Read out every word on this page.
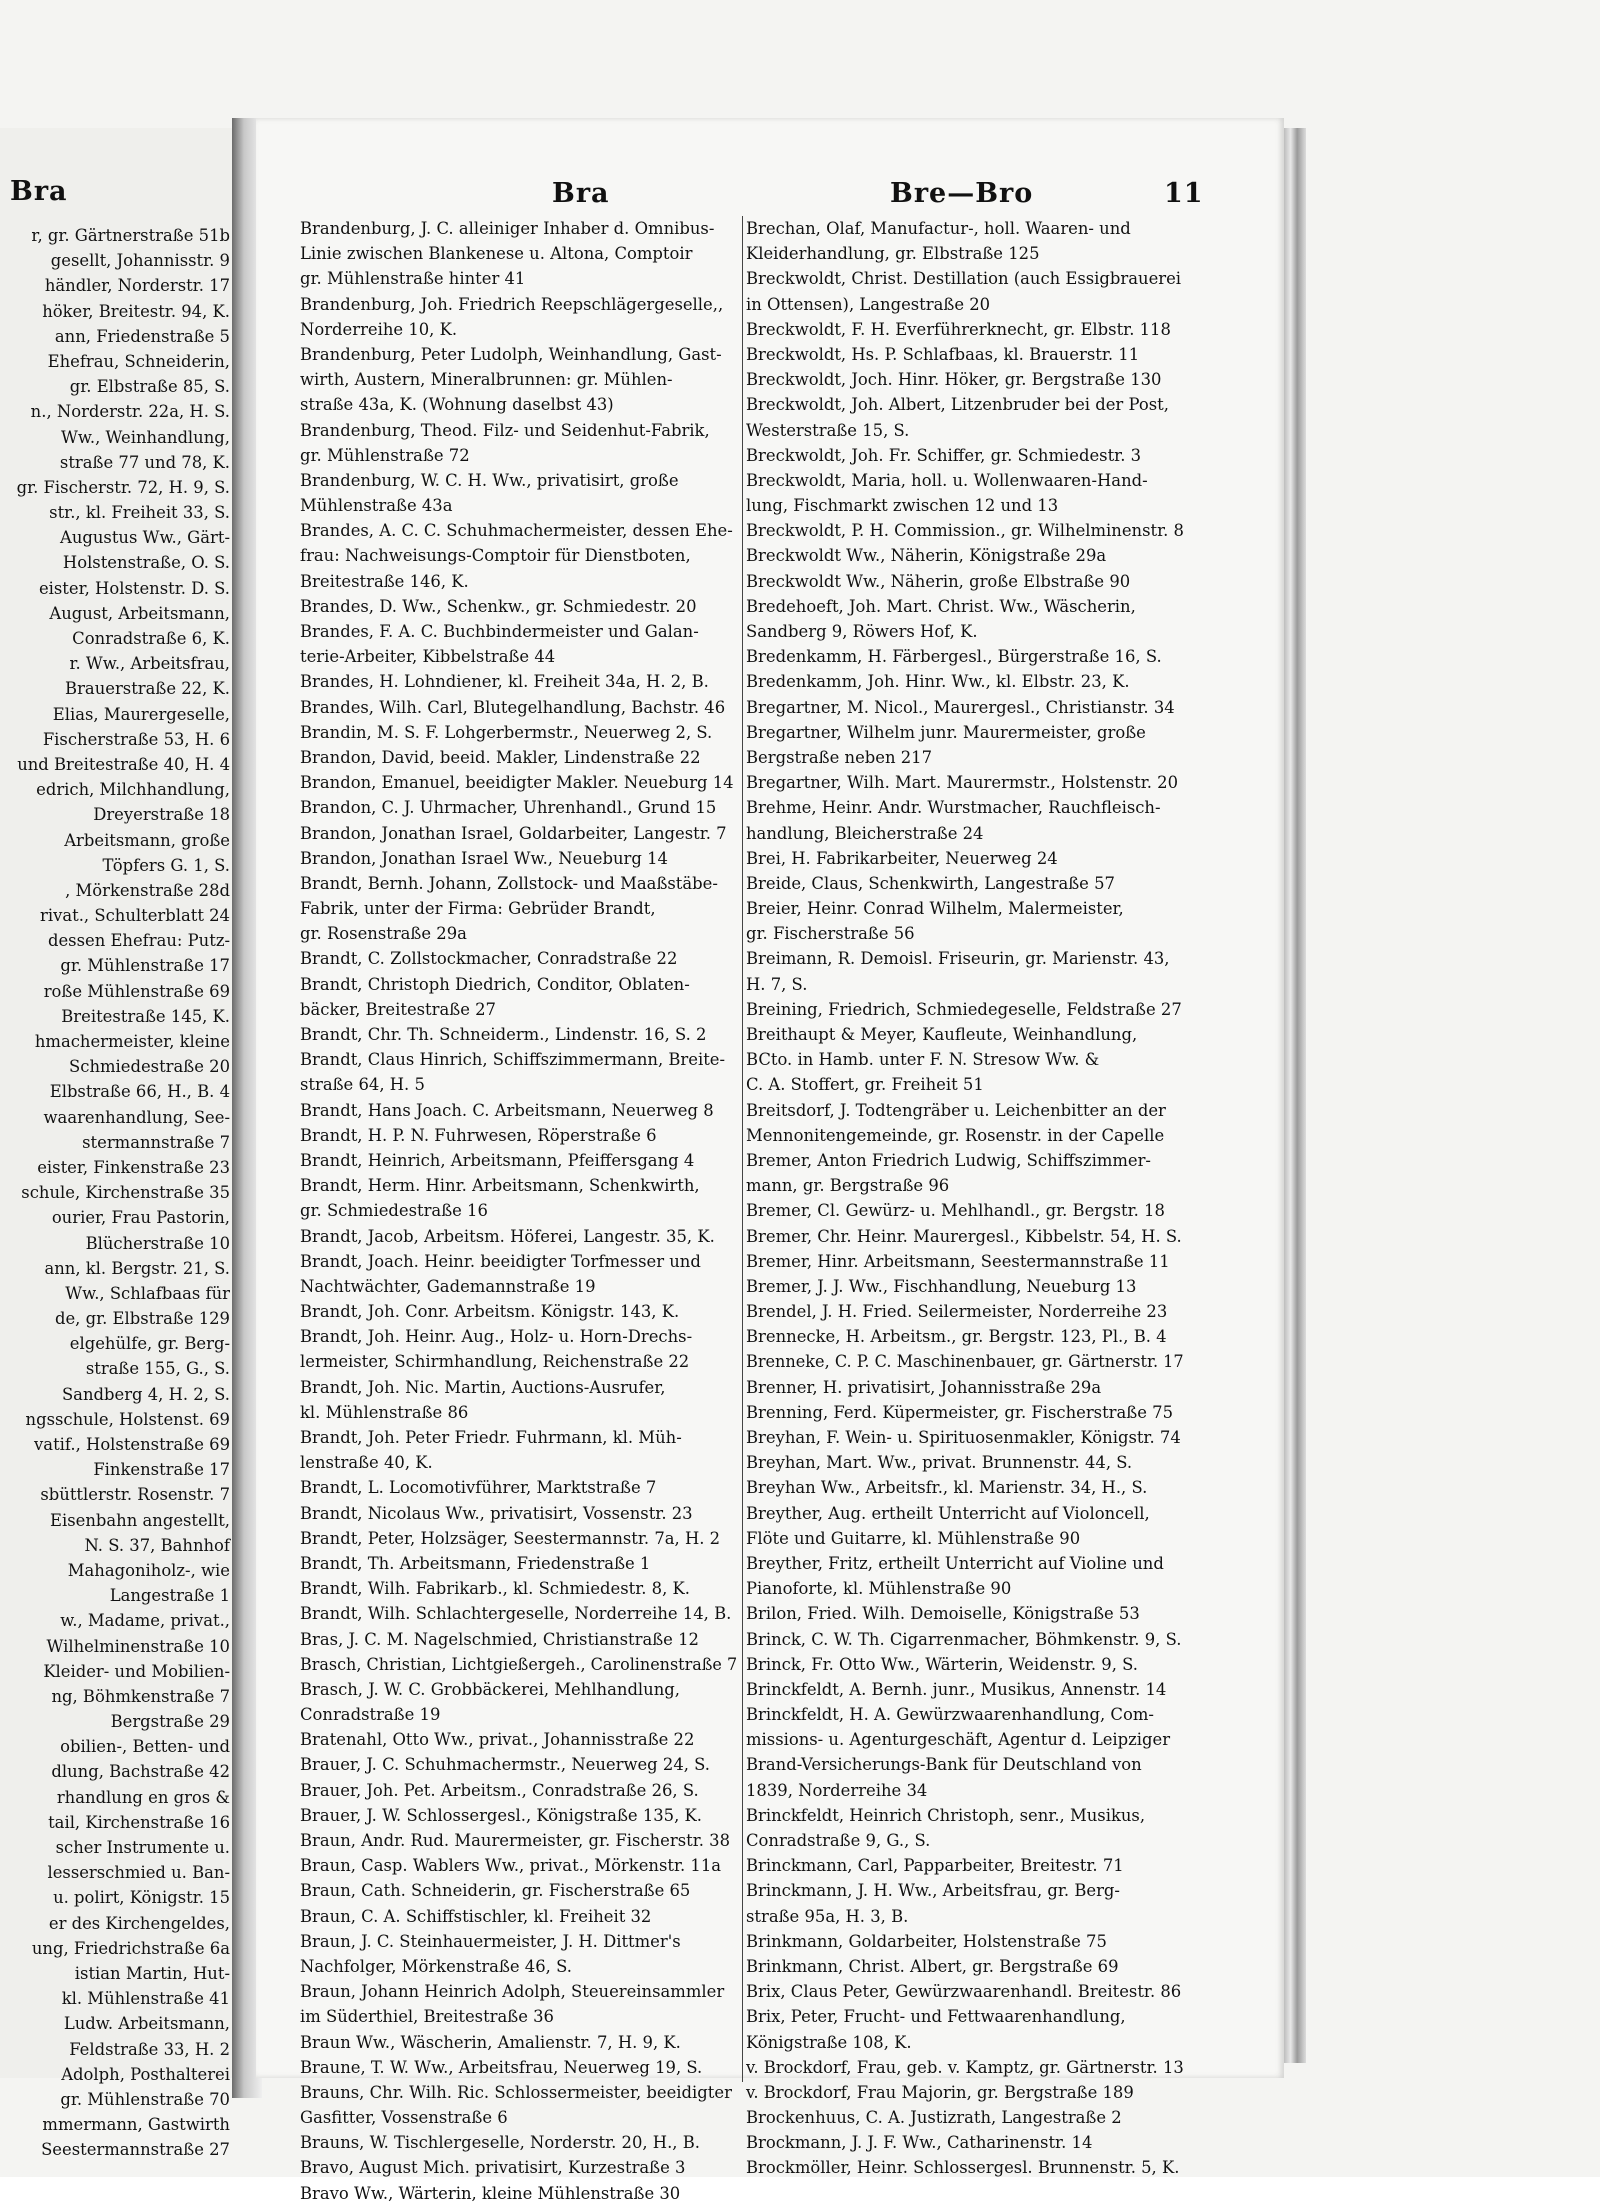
Bra
r, gr. Gärtnerstraße 51b
gesellt, Johannisstr. 9
händler, Norderstr. 17
höker, Breitestr. 94, K.
ann, Friedenstraße 5
Ehefrau, Schneiderin,
gr. Elbstraße 85, S.
n., Norderstr. 22a, H. S.
Ww., Weinhandlung,
straße 77 und 78, K.
gr. Fischerstr. 72, H. 9, S.
str., kl. Freiheit 33, S.
Augustus Ww., Gärt-
Holstenstraße, O. S.
eister, Holstenstr. D. S.
August, Arbeitsmann,
Conradstraße 6, K.
r. Ww., Arbeitsfrau,
Brauerstraße 22, K.
Elias, Maurergeselle,
Fischerstraße 53, H. 6
und Breitestraße 40, H. 4
edrich, Milchhandlung,
Dreyerstraße 18
Arbeitsmann, große
Töpfers G. 1, S.
, Mörkenstraße 28d
rivat., Schulterblatt 24
dessen Ehefrau: Putz-
gr. Mühlenstraße 17
roße Mühlenstraße 69
Breitestraße 145, K.
hmachermeister, kleine
Schmiedestraße 20
Elbstraße 66, H., B. 4
waarenhandlung, See-
stermannstraße 7
eister, Finkenstraße 23
schule, Kirchenstraße 35
ourier, Frau Pastorin,
Blücherstraße 10
ann, kl. Bergstr. 21, S.
Ww., Schlafbaas für
de, gr. Elbstraße 129
elgehülfe, gr. Berg-
straße 155, G., S.
Sandberg 4, H. 2, S.
ngsschule, Holstenst. 69
vatif., Holstenstraße 69
Finkenstraße 17
sbüttlerstr. Rosenstr. 7
Eisenbahn angestellt,
N. S. 37, Bahnhof
Mahagoniholz-, wie
Langestraße 1
w., Madame, privat.,
Wilhelminenstraße 10
Kleider- und Mobilien-
ng, Böhmkenstraße 7
Bergstraße 29
obilien-, Betten- und
dlung, Bachstraße 42
rhandlung en gros &
tail, Kirchenstraße 16
scher Instrumente u.
lesserschmied u. Ban-
u. polirt, Königstr. 15
er des Kirchengeldes,
ung, Friedrichstraße 6a
istian Martin, Hut-
kl. Mühlenstraße 41
Ludw. Arbeitsmann,
Feldstraße 33, H. 2
Adolph, Posthalterei
gr. Mühlenstraße 70
mmermann, Gastwirth
Seestermannstraße 27
Bra	Bre—Bro	11
Brandenburg, J. C. alleiniger Inhaber d. Omnibus-
Linie zwischen Blankenese u. Altona, Comptoir
gr. Mühlenstraße hinter 41
Brandenburg, Joh. Friedrich Reepschlägergeselle,,
Norderreihe 10, K.
Brandenburg, Peter Ludolph, Weinhandlung, Gast-
wirth, Austern, Mineralbrunnen: gr. Mühlen-
straße 43a, K. (Wohnung daselbst 43)
Brandenburg, Theod. Filz- und Seidenhut-Fabrik,
gr. Mühlenstraße 72
Brandenburg, W. C. H. Ww., privatisirt, große
Mühlenstraße 43a
Brandes, A. C. C. Schuhmachermeister, dessen Ehe-
frau: Nachweisungs-Comptoir für Dienstboten,
Breitestraße 146, K.
Brandes, D. Ww., Schenkw., gr. Schmiedestr. 20
Brandes, F. A. C. Buchbindermeister und Galan-
terie-Arbeiter, Kibbelstraße 44
Brandes, H. Lohndiener, kl. Freiheit 34a, H. 2, B.
Brandes, Wilh. Carl, Blutegelhandlung, Bachstr. 46
Brandin, M. S. F. Lohgerbermstr., Neuerweg 2, S.
Brandon, David, beeid. Makler, Lindenstraße 22
Brandon, Emanuel, beeidigter Makler. Neueburg 14
Brandon, C. J. Uhrmacher, Uhrenhandl., Grund 15
Brandon, Jonathan Israel, Goldarbeiter, Langestr. 7
Brandon, Jonathan Israel Ww., Neueburg 14
Brandt, Bernh. Johann, Zollstock- und Maaßstäbe-
Fabrik, unter der Firma: Gebrüder Brandt,
gr. Rosenstraße 29a
Brandt, C. Zollstockmacher, Conradstraße 22
Brandt, Christoph Diedrich, Conditor, Oblaten-
bäcker, Breitestraße 27
Brandt, Chr. Th. Schneiderm., Lindenstr. 16, S. 2
Brandt, Claus Hinrich, Schiffszimmermann, Breite-
straße 64, H. 5
Brandt, Hans Joach. C. Arbeitsmann, Neuerweg 8
Brandt, H. P. N. Fuhrwesen, Röperstraße 6
Brandt, Heinrich, Arbeitsmann, Pfeiffersgang 4
Brandt, Herm. Hinr. Arbeitsmann, Schenkwirth,
gr. Schmiedestraße 16
Brandt, Jacob, Arbeitsm. Höferei, Langestr. 35, K.
Brandt, Joach. Heinr. beeidigter Torfmesser und
Nachtwächter, Gademannstraße 19
Brandt, Joh. Conr. Arbeitsm. Königstr. 143, K.
Brandt, Joh. Heinr. Aug., Holz- u. Horn-Drechs-
lermeister, Schirmhandlung, Reichenstraße 22
Brandt, Joh. Nic. Martin, Auctions-Ausrufer,
kl. Mühlenstraße 86
Brandt, Joh. Peter Friedr. Fuhrmann, kl. Müh-
lenstraße 40, K.
Brandt, L. Locomotivführer, Marktstraße 7
Brandt, Nicolaus Ww., privatisirt, Vossenstr. 23
Brandt, Peter, Holzsäger, Seestermannstr. 7a, H. 2
Brandt, Th. Arbeitsmann, Friedenstraße 1
Brandt, Wilh. Fabrikarb., kl. Schmiedestr. 8, K.
Brandt, Wilh. Schlachtergeselle, Norderreihe 14, B.
Bras, J. C. M. Nagelschmied, Christianstraße 12
Brasch, Christian, Lichtgießergeh., Carolinenstraße 7
Brasch, J. W. C. Grobbäckerei, Mehlhandlung,
Conradstraße 19
Bratenahl, Otto Ww., privat., Johannisstraße 22
Brauer, J. C. Schuhmachermstr., Neuerweg 24, S.
Brauer, Joh. Pet. Arbeitsm., Conradstraße 26, S.
Brauer, J. W. Schlossergesl., Königstraße 135, K.
Braun, Andr. Rud. Maurermeister, gr. Fischerstr. 38
Braun, Casp. Wablers Ww., privat., Mörkenstr. 11a
Braun, Cath. Schneiderin, gr. Fischerstraße 65
Braun, C. A. Schiffstischler, kl. Freiheit 32
Braun, J. C. Steinhauermeister, J. H. Dittmer's
Nachfolger, Mörkenstraße 46, S.
Braun, Johann Heinrich Adolph, Steuereinsammler
im Süderthiel, Breitestraße 36
Braun Ww., Wäscherin, Amalienstr. 7, H. 9, K.
Braune, T. W. Ww., Arbeitsfrau, Neuerweg 19, S.
Brauns, Chr. Wilh. Ric. Schlossermeister, beeidigter
Gasfitter, Vossenstraße 6
Brauns, W. Tischlergeselle, Norderstr. 20, H., B.
Bravo, August Mich. privatisirt, Kurzestraße 3
Bravo Ww., Wärterin, kleine Mühlenstraße 30
Brechan, Olaf, Manufactur-, holl. Waaren- und
Kleiderhandlung, gr. Elbstraße 125
Breckwoldt, Christ. Destillation (auch Essigbrauerei
in Ottensen), Langestraße 20
Breckwoldt, F. H. Everführerknecht, gr. Elbstr. 118
Breckwoldt, Hs. P. Schlafbaas, kl. Brauerstr. 11
Breckwoldt, Joch. Hinr. Höker, gr. Bergstraße 130
Breckwoldt, Joh. Albert, Litzenbruder bei der Post,
Westerstraße 15, S.
Breckwoldt, Joh. Fr. Schiffer, gr. Schmiedestr. 3
Breckwoldt, Maria, holl. u. Wollenwaaren-Hand-
lung, Fischmarkt zwischen 12 und 13
Breckwoldt, P. H. Commission., gr. Wilhelminenstr. 8
Breckwoldt Ww., Näherin, Königstraße 29a
Breckwoldt Ww., Näherin, große Elbstraße 90
Bredehoeft, Joh. Mart. Christ. Ww., Wäscherin,
Sandberg 9, Röwers Hof, K.
Bredenkamm, H. Färbergesl., Bürgerstraße 16, S.
Bredenkamm, Joh. Hinr. Ww., kl. Elbstr. 23, K.
Bregartner, M. Nicol., Maurergesl., Christianstr. 34
Bregartner, Wilhelm junr. Maurermeister, große
Bergstraße neben 217
Bregartner, Wilh. Mart. Maurermstr., Holstenstr. 20
Brehme, Heinr. Andr. Wurstmacher, Rauchfleisch-
handlung, Bleicherstraße 24
Brei, H. Fabrikarbeiter, Neuerweg 24
Breide, Claus, Schenkwirth, Langestraße 57
Breier, Heinr. Conrad Wilhelm, Malermeister,
gr. Fischerstraße 56
Breimann, R. Demoisl. Friseurin, gr. Marienstr. 43,
H. 7, S.
Breining, Friedrich, Schmiedegeselle, Feldstraße 27
Breithaupt & Meyer, Kaufleute, Weinhandlung,
BCto. in Hamb. unter F. N. Stresow Ww. &
C. A. Stoffert, gr. Freiheit 51
Breitsdorf, J. Todtengräber u. Leichenbitter an der
Mennonitengemeinde, gr. Rosenstr. in der Capelle
Bremer, Anton Friedrich Ludwig, Schiffszimmer-
mann, gr. Bergstraße 96
Bremer, Cl. Gewürz- u. Mehlhandl., gr. Bergstr. 18
Bremer, Chr. Heinr. Maurergesl., Kibbelstr. 54, H. S.
Bremer, Hinr. Arbeitsmann, Seestermannstraße 11
Bremer, J. J. Ww., Fischhandlung, Neueburg 13
Brendel, J. H. Fried. Seilermeister, Norderreihe 23
Brennecke, H. Arbeitsm., gr. Bergstr. 123, Pl., B. 4
Brenneke, C. P. C. Maschinenbauer, gr. Gärtnerstr. 17
Brenner, H. privatisirt, Johannisstraße 29a
Brenning, Ferd. Küpermeister, gr. Fischerstraße 75
Breyhan, F. Wein- u. Spirituosenmakler, Königstr. 74
Breyhan, Mart. Ww., privat. Brunnenstr. 44, S.
Breyhan Ww., Arbeitsfr., kl. Marienstr. 34, H., S.
Breyther, Aug. ertheilt Unterricht auf Violoncell,
Flöte und Guitarre, kl. Mühlenstraße 90
Breyther, Fritz, ertheilt Unterricht auf Violine und
Pianoforte, kl. Mühlenstraße 90
Brilon, Fried. Wilh. Demoiselle, Königstraße 53
Brinck, C. W. Th. Cigarrenmacher, Böhmkenstr. 9, S.
Brinck, Fr. Otto Ww., Wärterin, Weidenstr. 9, S.
Brinckfeldt, A. Bernh. junr., Musikus, Annenstr. 14
Brinckfeldt, H. A. Gewürzwaarenhandlung, Com-
missions- u. Agenturgeschäft, Agentur d. Leipziger
Brand-Versicherungs-Bank für Deutschland von
1839, Norderreihe 34
Brinckfeldt, Heinrich Christoph, senr., Musikus,
Conradstraße 9, G., S.
Brinckmann, Carl, Papparbeiter, Breitestr. 71
Brinckmann, J. H. Ww., Arbeitsfrau, gr. Berg-
straße 95a, H. 3, B.
Brinkmann, Goldarbeiter, Holstenstraße 75
Brinkmann, Christ. Albert, gr. Bergstraße 69
Brix, Claus Peter, Gewürzwaarenhandl. Breitestr. 86
Brix, Peter, Frucht- und Fettwaarenhandlung,
Königstraße 108, K.
v. Brockdorf, Frau, geb. v. Kamptz, gr. Gärtnerstr. 13
v. Brockdorf, Frau Majorin, gr. Bergstraße 189
Brockenhuus, C. A. Justizrath, Langestraße 2
Brockmann, J. J. F. Ww., Catharinenstr. 14
Brockmöller, Heinr. Schlossergesl. Brunnenstr. 5, K.
